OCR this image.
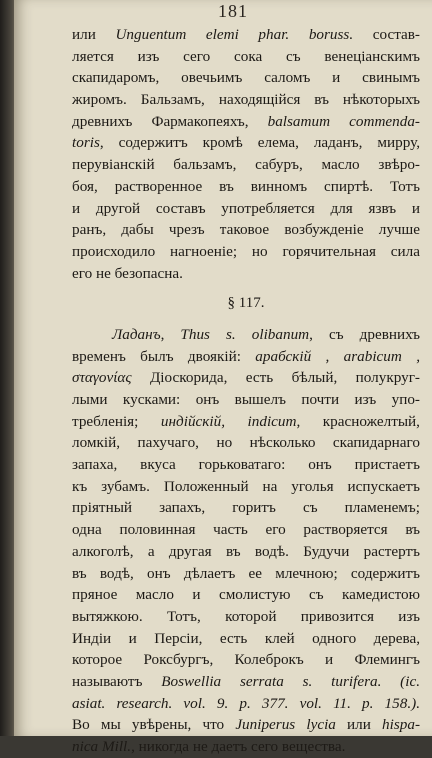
181
или Unguentum elemi phar. boruss. состав-
ляется изъ сего сока съ венеціанскимъ
скапидаромъ, овечьимъ саломъ и свинымъ
жиромъ. Бальзамъ, находящійся въ нѣкоторыхъ
древнихъ Фармакопеяхъ, balsamum commenda-
toris, содержитъ кромѣ елема, ладанъ, мирру,
перувіанскій бальзамъ, сабуръ, масло звѣро-
боя, растворенное въ винномъ спиртѣ. Тотъ
и другой составъ употребляется для язвъ и
ранъ, дабы чрезъ таковое возбужденіе лучше
происходило нагноеніе; но горячительная сила
его не безопасна.
§ 117.
Ладанъ, Thus s. olibanum, съ древнихъ
временъ былъ двоякій: арабскій , arabicum ,
σταγονίας Діоскорида, есть бѣлый, полукруг-
лыми кусками: онъ вышелъ почти изъ упо-
требленія; индійскій, indicum, красножелтый,
ломкій, пахучагo, но нѣсколько скапидарнаго
запаха, вкуса горьковатаго: онъ пристаетъ
къ зубамъ. Положенный на уголья испускаетъ
пріятный запахъ, горитъ съ пламенемъ;
одна половинная часть его растворяется въ
алкоголѣ, а другая въ водѣ. Будучи растертъ
въ водѣ, онъ дѣлаетъ ее млечною; содержитъ
пряное масло и смолистую съ камедистою
вытяжкою. Тотъ, которой привозится изъ
Индіи и Персіи, есть клей одного дерева,
которое Роксбургъ, Колеброкъ и Флемингъ
называютъ Boswellia serrata s. turifera. (ic.
asiat. research. vol. 9. p. 377. vol. 11. p. 158.).
Во мы увѣрены, что Juniperus lycia или hispa-
nica Mill., никогда не даетъ сего вещества.
